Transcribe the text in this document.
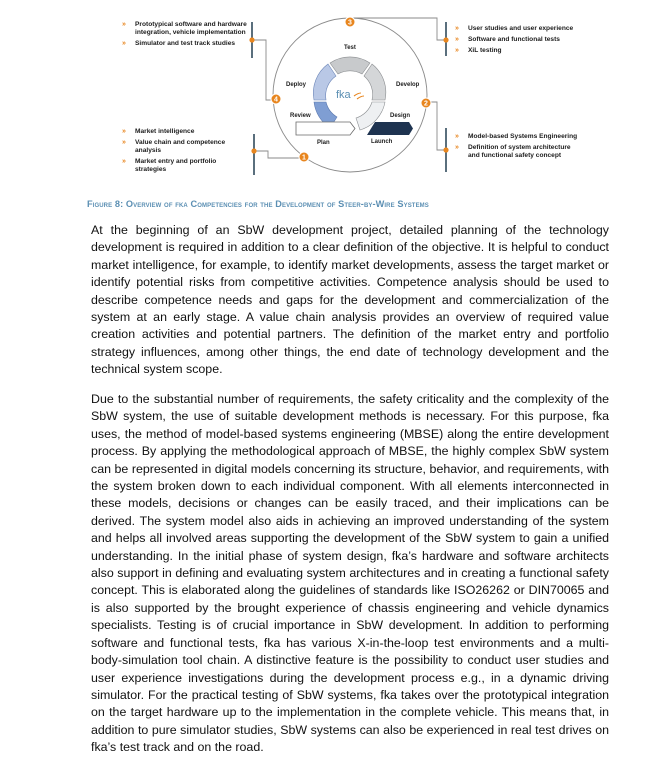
fka
3
2
4
1
Test
Develop
Design
Launch
Plan
Review
Deploy
» Prototypical software and hardware integration, vehicle implementation
» Simulator and test track studies
» User studies and user experience
» Software and functional tests
» XiL testing
» Market intelligence
» Value chain and competence analysis
» Market entry and portfolio strategies
» Model-based Systems Engineering
» Definition of system architecture and functional safety concept
Figure 8: Overview of fka Competencies for the Development of Steer-by-Wire Systems

At the beginning of an SbW development project, detailed planning of the technology development is required in addition to a clear definition of the objective. It is helpful to conduct market intelligence, for example, to identify market developments, assess the target market or identify potential risks from competitive activities. Competence analysis should be used to describe competence needs and gaps for the development and commercialization of the system at an early stage. A value chain analysis provides an overview of required value creation activities and potential partners. The definition of the market entry and portfolio strategy influences, among other things, the end date of technology development and the technical system scope.

Due to the substantial number of requirements, the safety criticality and the complexity of the SbW system, the use of suitable development methods is necessary. For this purpose, fka uses, the method of model-based systems engineering (MBSE) along the entire development process. By applying the methodological approach of MBSE, the highly complex SbW system can be represented in digital models concerning its structure, behavior, and requirements, with the system broken down to each individual component. With all elements interconnected in these models, decisions or changes can be easily traced, and their implications can be derived. The system model also aids in achieving an improved understanding of the system and helps all involved areas supporting the development of the SbW system to gain a unified understanding. In the initial phase of system design, fka’s hardware and software architects also support in defining and evaluating system architectures and in creating a functional safety concept. This is elaborated along the guidelines of standards like ISO26262 or DIN70065 and is also supported by the brought experience of chassis engineering and vehicle dynamics specialists. Testing is of crucial importance in SbW development. In addition to performing software and functional tests, fka has various X-in-the-loop test environments and a multi-body-simulation tool chain. A distinctive feature is the possibility to conduct user studies and user experience investigations during the development process e.g., in a dynamic driving simulator. For the practical testing of SbW systems, fka takes over the prototypical integration on the target hardware up to the implementation in the complete vehicle. This means that, in addition to pure simulator studies, SbW systems can also be experienced in real test drives on fka’s test track and on the road.
